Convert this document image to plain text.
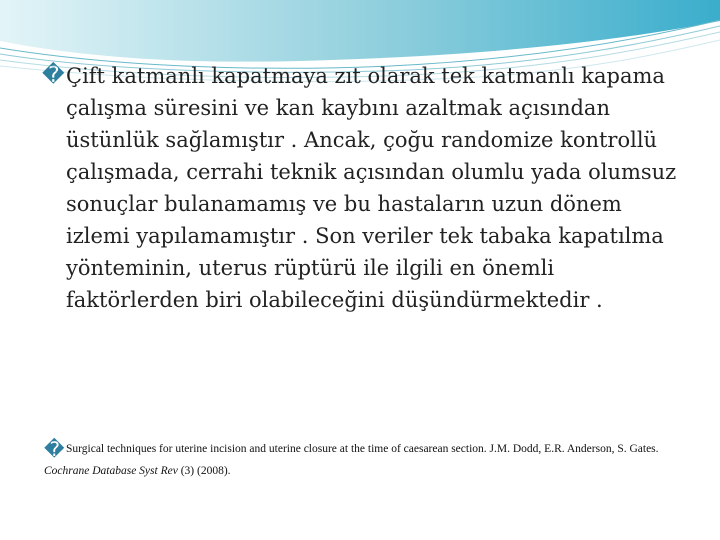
� Çift katmanlı kapatmaya zıt olarak tek katmanlı kapama çalışma süresini ve kan kaybını azaltmak açısından üstünlük sağlamıştır . Ancak, çoğu randomize kontrollü çalışmada, cerrahi teknik açısından olumlu yada olumsuz sonuçlar bulanamamış ve bu hastaların uzun dönem izlemi yapılamamıştır . Son veriler tek tabaka kapatılma yönteminin, uterus rüptürü ile ilgili en önemli faktörlerden biri olabileceğini düşündürmektedir .

�Surgical techniques for uterine incision and uterine closure at the time of caesarean section. J.M. Dodd, E.R. Anderson, S. Gates. Cochrane Database Syst Rev (3) (2008).
